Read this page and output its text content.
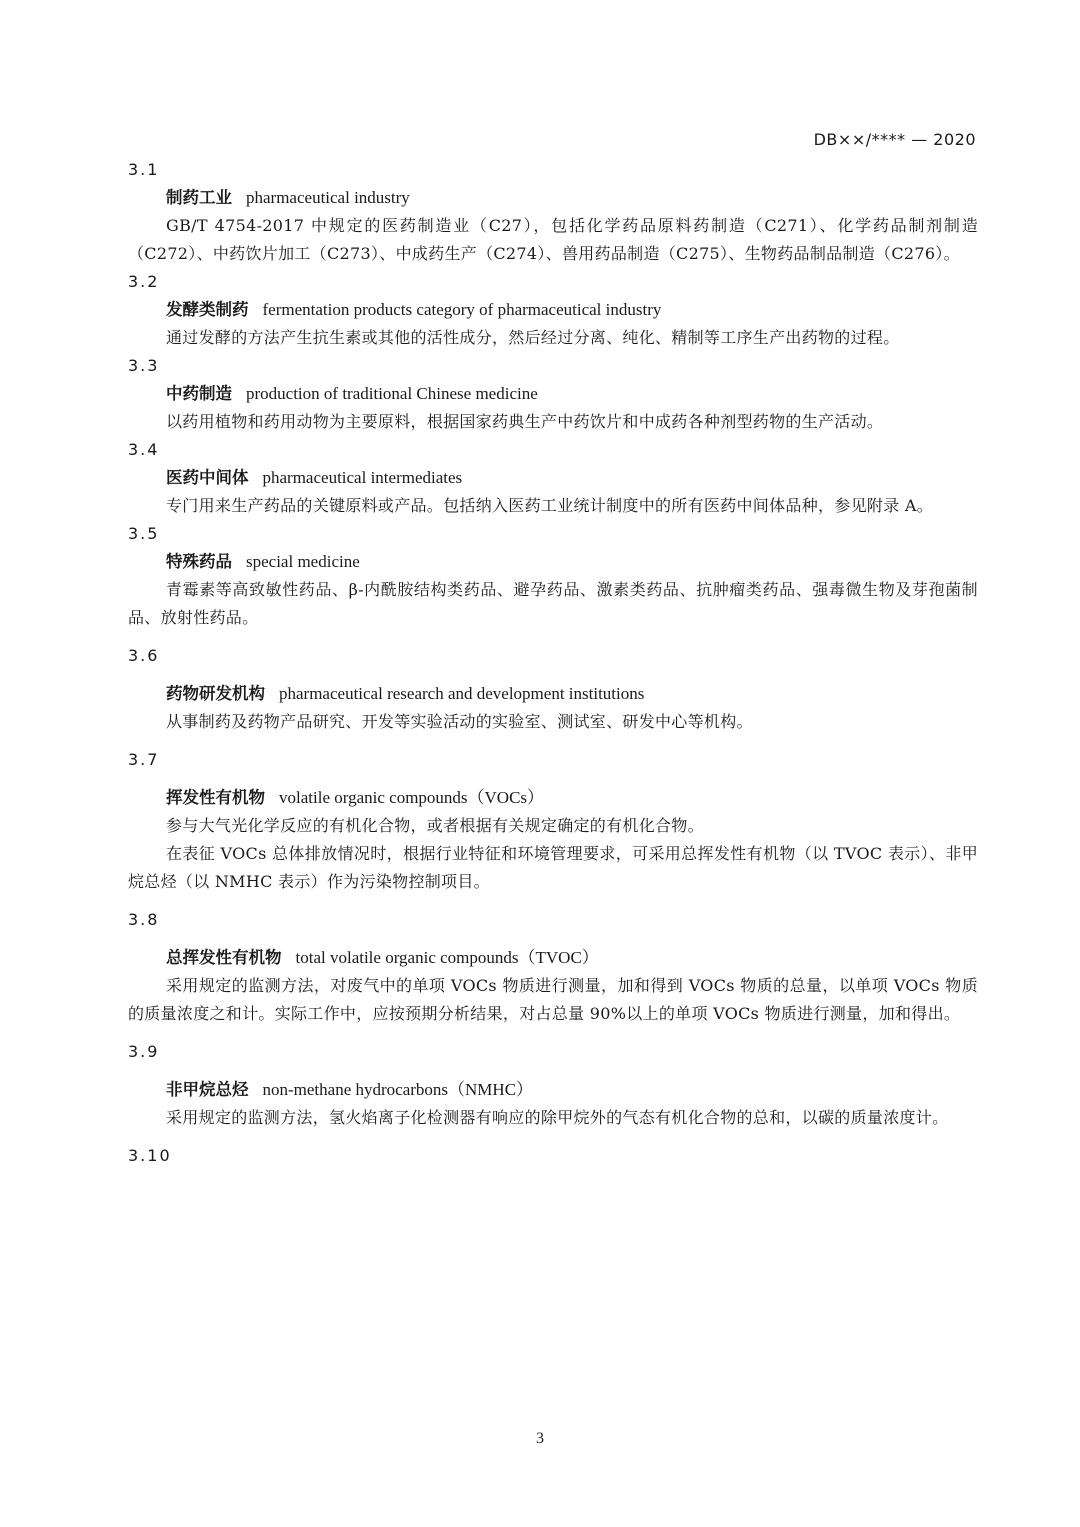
DB××/**** — 2020
3.1
制药工业 pharmaceutical industry

GB/T 4754-2017 中规定的医药制造业（C27），包括化学药品原料药制造（C271）、化学药品制剂制造（C272）、中药饮片加工（C273）、中成药生产（C274）、兽用药品制造（C275）、生物药品制品制造（C276）。

3.2
发酵类制药 fermentation products category of pharmaceutical industry

通过发酵的方法产生抗生素或其他的活性成分，然后经过分离、纯化、精制等工序生产出药物的过程。

3.3
中药制造 production of traditional Chinese medicine

以药用植物和药用动物为主要原料，根据国家药典生产中药饮片和中成药各种剂型药物的生产活动。

3.4
医药中间体 pharmaceutical intermediates

专门用来生产药品的关键原料或产品。包括纳入医药工业统计制度中的所有医药中间体品种，参见附录 A。

3.5
特殊药品 special medicine

青霉素等高致敏性药品、β-内酰胺结构类药品、避孕药品、激素类药品、抗肿瘤类药品、强毒微生物及芽孢菌制品、放射性药品。

3.6
药物研发机构 pharmaceutical research and development institutions

从事制药及药物产品研究、开发等实验活动的实验室、测试室、研发中心等机构。

3.7
挥发性有机物 volatile organic compounds（VOCs）

参与大气光化学反应的有机化合物，或者根据有关规定确定的有机化合物。

在表征 VOCs 总体排放情况时，根据行业特征和环境管理要求，可采用总挥发性有机物（以 TVOC 表示）、非甲烷总烃（以 NMHC 表示）作为污染物控制项目。

3.8
总挥发性有机物 total volatile organic compounds（TVOC）

采用规定的监测方法，对废气中的单项 VOCs 物质进行测量，加和得到 VOCs 物质的总量，以单项 VOCs 物质的质量浓度之和计。实际工作中，应按预期分析结果，对占总量 90%以上的单项 VOCs 物质进行测量，加和得出。

3.9
非甲烷总烃 non-methane hydrocarbons（NMHC）

采用规定的监测方法，氢火焰离子化检测器有响应的除甲烷外的气态有机化合物的总和，以碳的质量浓度计。

3.10
3
